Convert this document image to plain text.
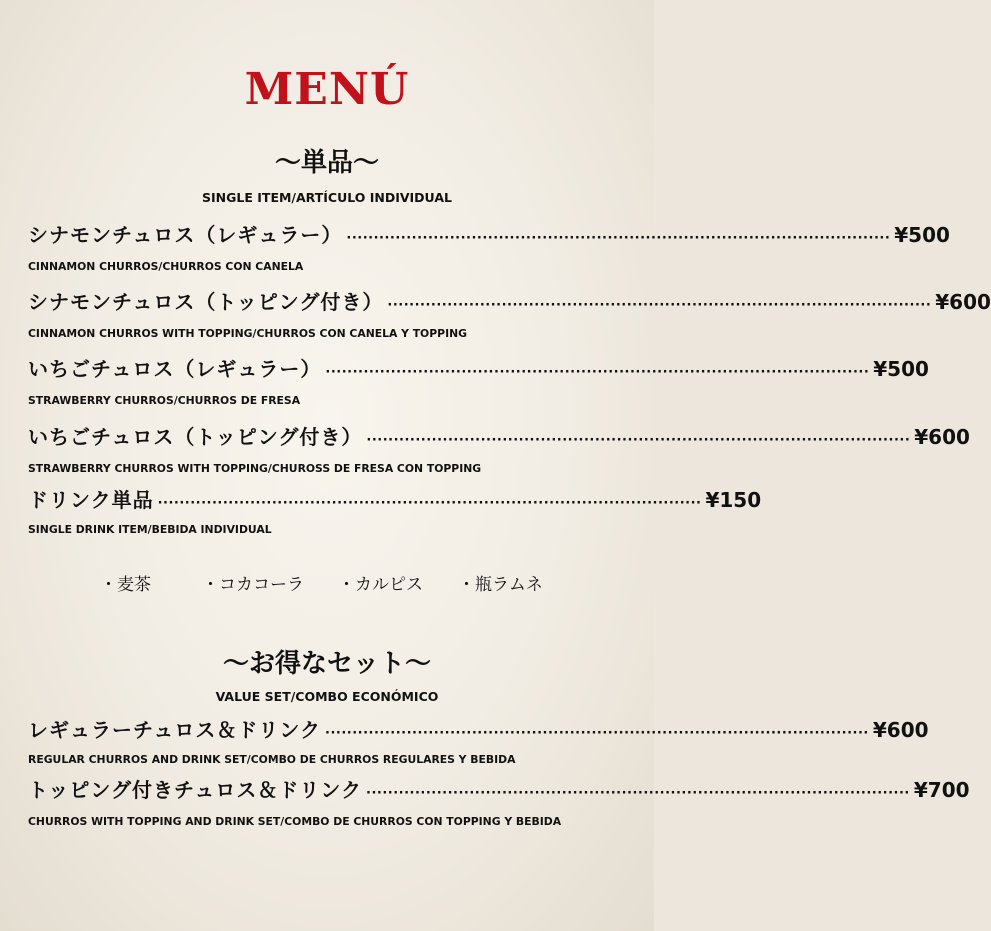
MENÚ
〜単品〜
SINGLE ITEM/ARTÍCULO INDIVIDUAL
シナモンチュロス（レギュラー） ···································································································· ¥500
CINNAMON CHURROS/CHURROS CON CANELA
シナモンチュロス（トッピング付き） ···································································································· ¥600
CINNAMON CHURROS WITH TOPPING/CHURROS CON CANELA Y TOPPING
いちごチュロス（レギュラー） ···································································································· ¥500
STRAWBERRY CHURROS/CHURROS DE FRESA
いちごチュロス（トッピング付き） ···································································································· ¥600
STRAWBERRY CHURROS WITH TOPPING/CHUROSS DE FRESA CON TOPPING
ドリンク単品 ···································································································· ¥150
SINGLE DRINK ITEM/BEBIDA INDIVIDUAL
・麦茶	・コカコーラ	・カルピス	・瓶ラムネ
〜お得なセット〜
VALUE SET/COMBO ECONÓMICO
レギュラーチュロス＆ドリンク ···································································································· ¥600
REGULAR CHURROS AND DRINK SET/COMBO DE CHURROS REGULARES Y BEBIDA
トッピング付きチュロス＆ドリンク ···································································································· ¥700
CHURROS WITH TOPPING AND DRINK SET/COMBO DE CHURROS CON TOPPING Y BEBIDA
